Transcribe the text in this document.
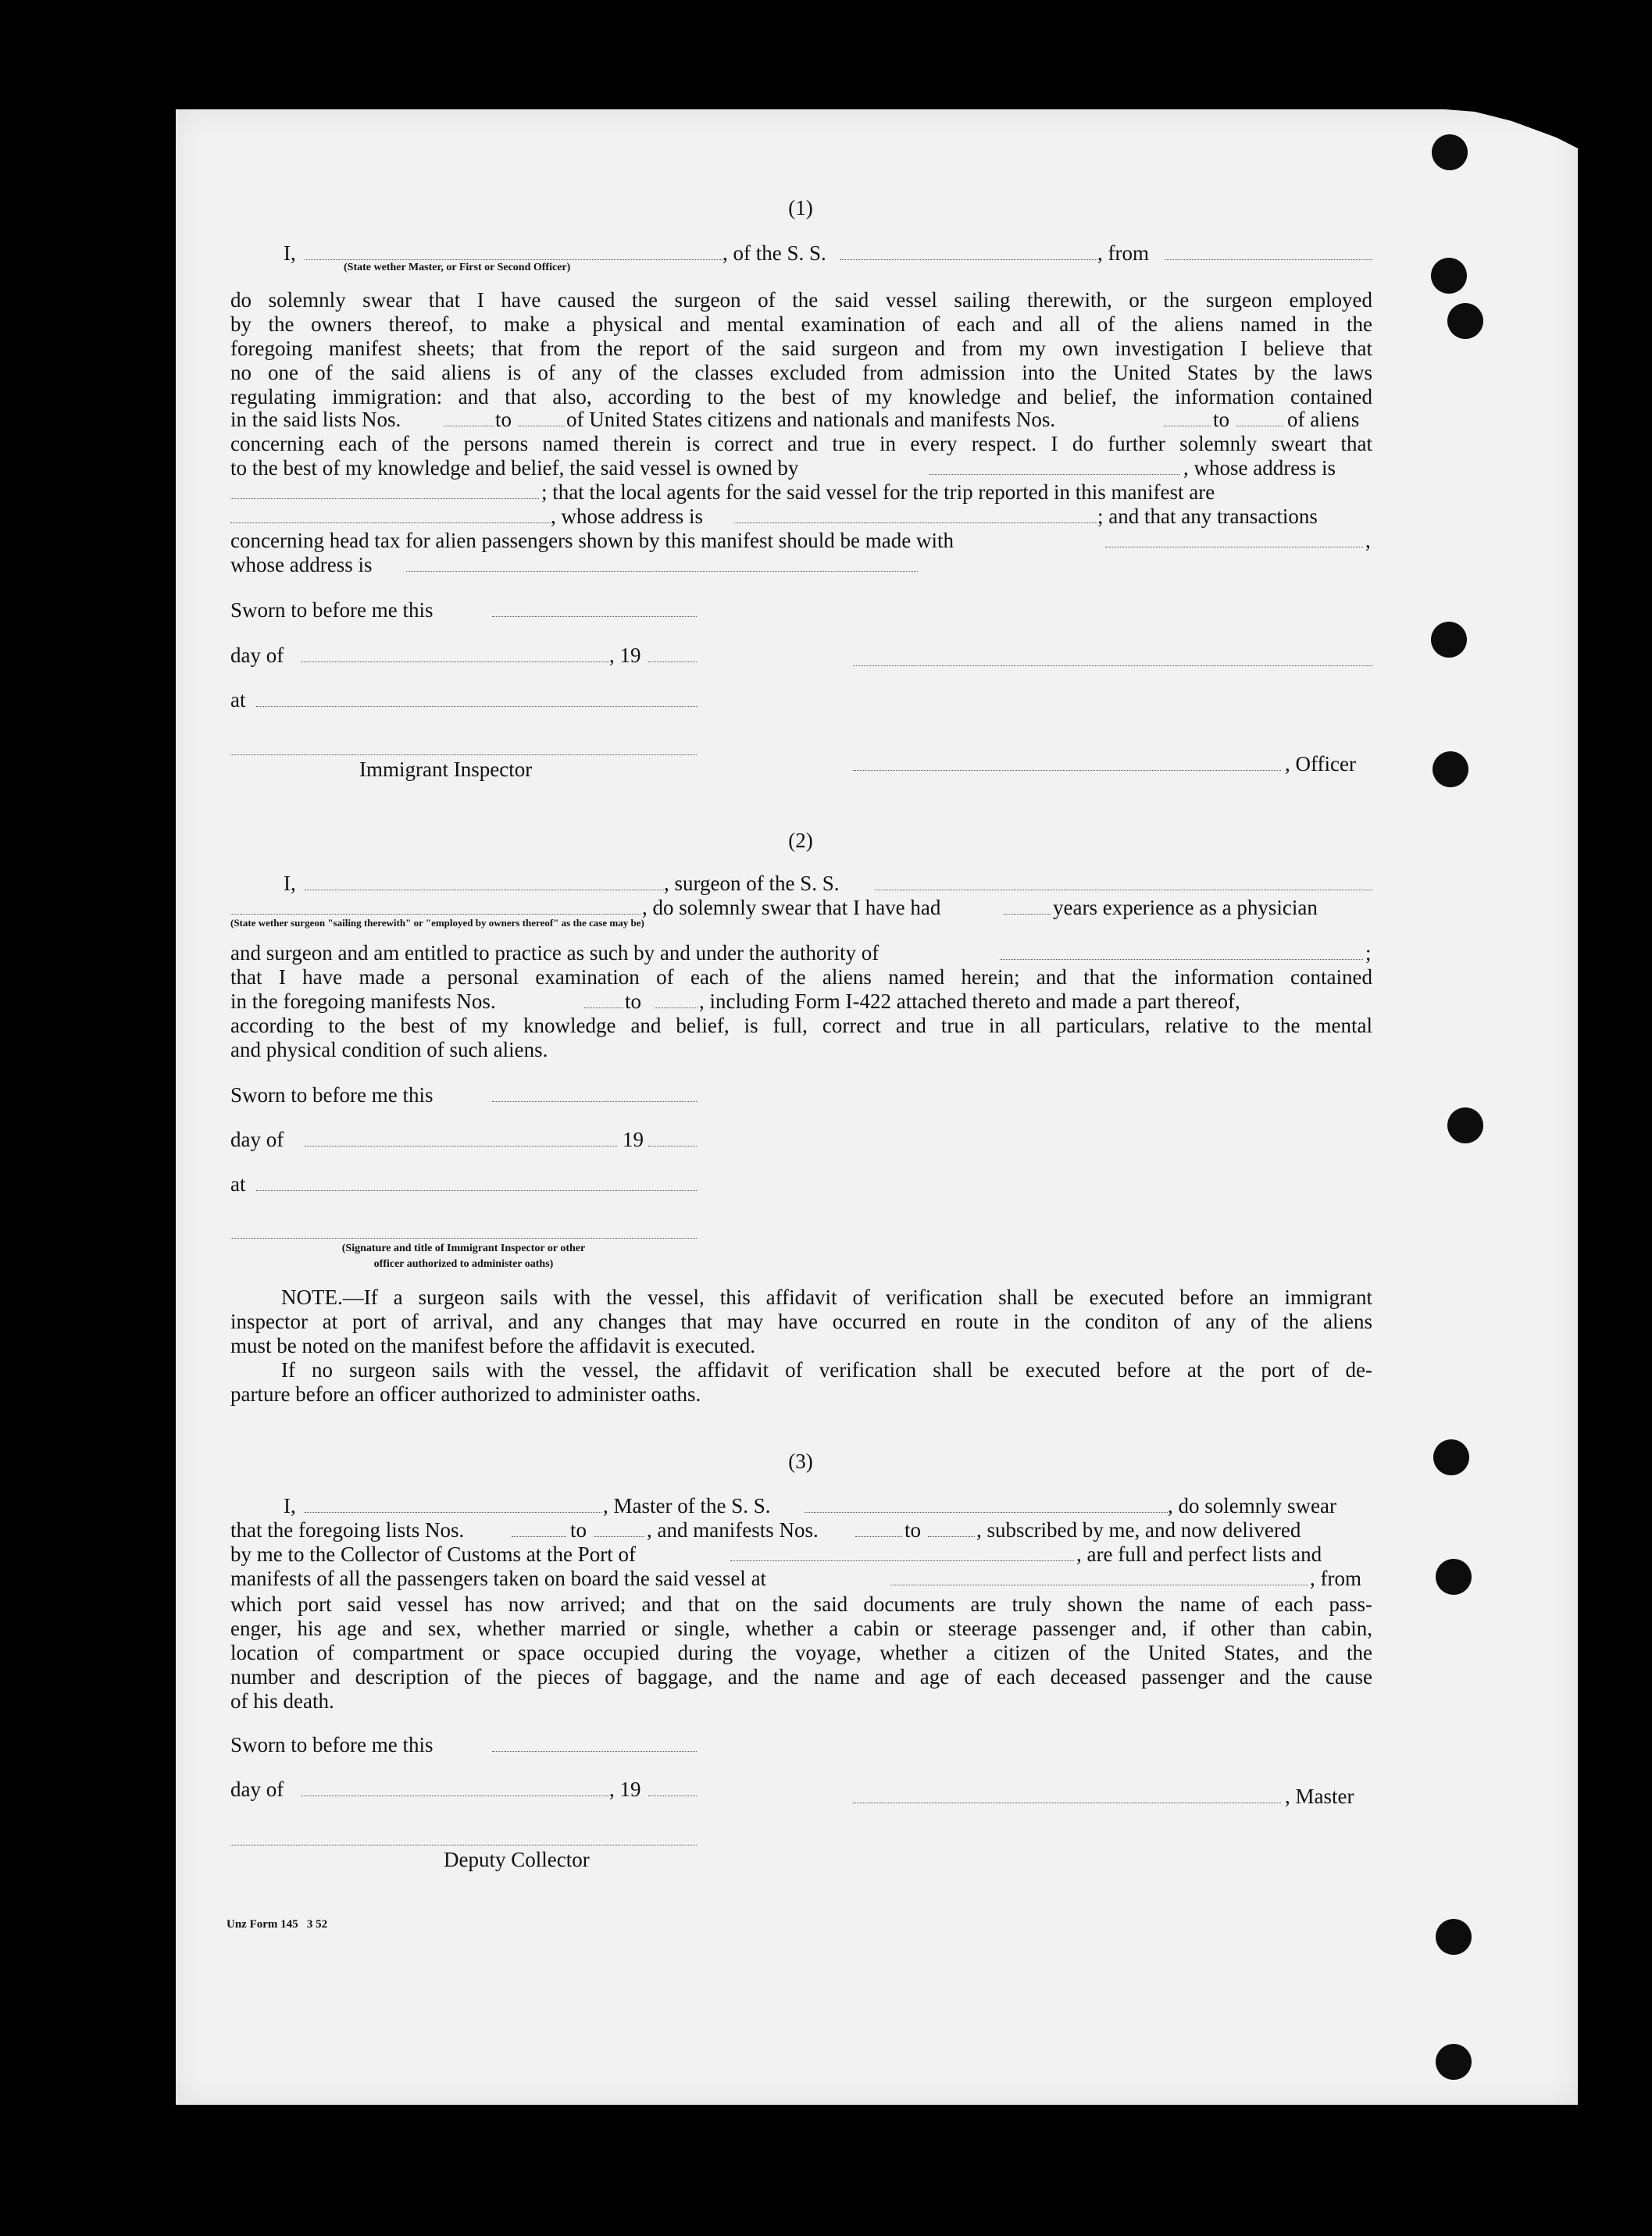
(1)
I,	, of the S. S.	, from
(State wether Master, or First or Second Officer)
do solemnly swear that I have caused the surgeon of the said vessel sailing therewith, or the surgeon employed
by the owners thereof, to make a physical and mental examination of each and all of the aliens named in the
foregoing manifest sheets; that from the report of the said surgeon and from my own investigation I believe that
no one of the said aliens is of any of the classes excluded from admission into the United States by the laws
regulating immigration: and that also, according to the best of my knowledge and belief, the information contained
in the said lists Nos.	to	of United States citizens and nationals and manifests Nos.	to	of aliens
concerning each of the persons named therein is correct and true in every respect. I do further solemnly sweart that
to the best of my knowledge and belief, the said vessel is owned by	, whose address is
; that the local agents for the said vessel for the trip reported in this manifest are
, whose address is	; and that any transactions
concerning head tax for alien passengers shown by this manifest should be made with	,
whose address is
Sworn to before me this
day of	, 19
at
Immigrant Inspector	, Officer
(2)
I,	, surgeon of the S. S.
, do solemnly swear that I have had	years experience as a physician
(State wether surgeon "sailing therewith" or "employed by owners thereof" as the case may be)
and surgeon and am entitled to practice as such by and under the authority of	;
that I have made a personal examination of each of the aliens named herein; and that the information contained
in the foregoing manifests Nos.	to	, including Form I-422 attached thereto and made a part thereof,
according to the best of my knowledge and belief, is full, correct and true in all particulars, relative to the mental
and physical condition of such aliens.
Sworn to before me this
day of	19
at
(Signature and title of Immigrant Inspector or other
officer authorized to administer oaths)
NOTE.—If a surgeon sails with the vessel, this affidavit of verification shall be executed before an immigrant
inspector at port of arrival, and any changes that may have occurred en route in the conditon of any of the aliens
must be noted on the manifest before the affidavit is executed.
If no surgeon sails with the vessel, the affidavit of verification shall be executed before at the port of de-
parture before an officer authorized to administer oaths.
(3)
I,	, Master of the S. S.	, do solemnly swear
that the foregoing lists Nos.	to	, and manifests Nos.	to	, subscribed by me, and now delivered
by me to the Collector of Customs at the Port of	, are full and perfect lists and
manifests of all the passengers taken on board the said vessel at	, from
which port said vessel has now arrived; and that on the said documents are truly shown the name of each pass-
enger, his age and sex, whether married or single, whether a cabin or steerage passenger and, if other than cabin,
location of compartment or space occupied during the voyage, whether a citizen of the United States, and the
number and description of the pieces of baggage, and the name and age of each deceased passenger and the cause
of his death.
Sworn to before me this
day of	, 19	, Master
Deputy Collector
Unz Form 145   3 52
